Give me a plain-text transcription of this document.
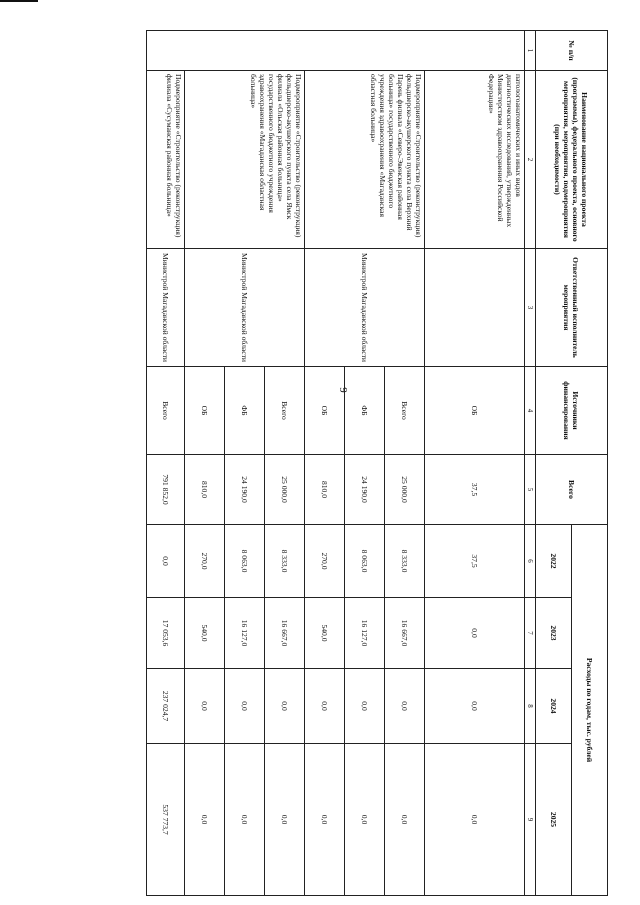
9
№ п/п	Наименование национального проекта (программы), федерального проекта, основного мероприятия, мероприятия, подмероприятия (при необходимости)	Ответственный исполнитель мероприятия	Источники финансирования	Всего	Расходы по годам, тыс. рублей			
					2022	2023	2024	2025
1	2	3	4	5	6	7	8	9
	патологоанатомических и иных видов диагностических исследований, утвержденных Министерством здравоохранения Российской Федерации»		ОБ	37,5	37,5	0,0	0,0	0,0
	Подмероприятие «Строительство (реконструкция) фельдшерско-акушерского пункта села Верхний Парень филиала «Северо-Эвенская районная больница» государственного бюджетного учреждения здравоохранения «Магаданская областная больница»	Министрой Магаданской области	Всего	25 000,0	8 333,0	16 667,0	0,0	0,0
			ФБ	24 190,0	8 063,0	16 127,0	0,0	0,0
			ОБ	810,0	270,0	540,0	0,0	0,0
	Подмероприятие «Строительство (реконструкция) фельдшерско-акушерского пункта села Ямск филиала «Ольская районная больница» государственного бюджетного учреждения здравоохранения «Магаданская областная больница»	Министрой Магаданской области	Всего	25 000,0	8 333,0	16 667,0	0,0	0,0
			ФБ	24 190,0	8 063,0	16 127,0	0,0	0,0
			ОБ	810,0	270,0	540,0	0,0	0,0
	Подмероприятие «Строительство (реконструкция) филиала «Сусуманская районная больница»	Министрой Магаданской области	Всего	791 852,0	0,0	17 053,6	237 024,7	537 773,7
